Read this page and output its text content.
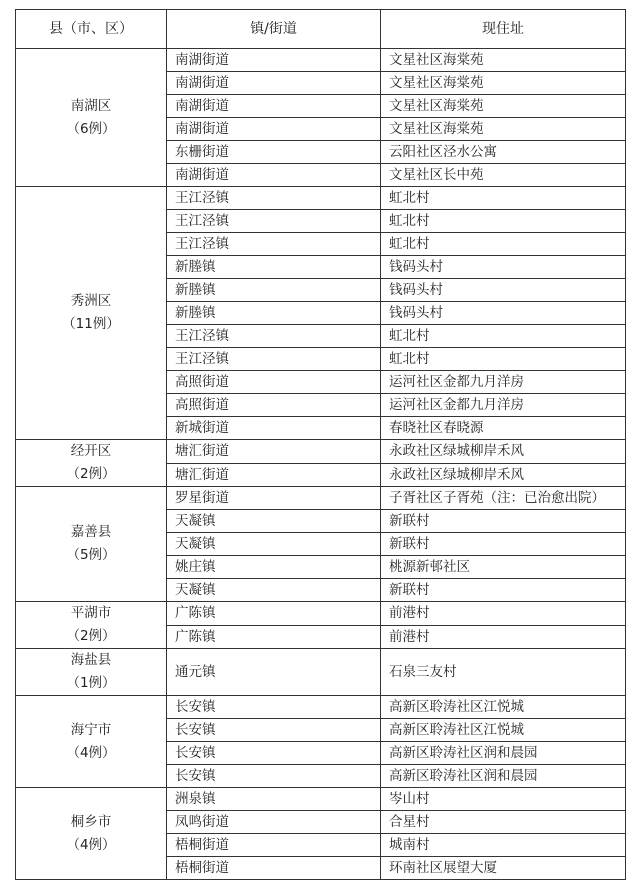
县（市、区）	镇/街道	现住址

南湖区
（6例）	南湖街道	文星社区海棠苑
	南湖街道	文星社区海棠苑
	南湖街道	文星社区海棠苑
	南湖街道	文星社区海棠苑
	东栅街道	云阳社区泾水公寓
	南湖街道	文星社区长中苑

秀洲区
（11例）	王江泾镇	虹北村
	王江泾镇	虹北村
	王江泾镇	虹北村
	新塍镇	钱码头村
	新塍镇	钱码头村
	新塍镇	钱码头村
	王江泾镇	虹北村
	王江泾镇	虹北村
	高照街道	运河社区金都九月洋房
	高照街道	运河社区金都九月洋房
	新城街道	春晓社区春晓源

经开区
（2例）	塘汇街道	永政社区绿城柳岸禾风
	塘汇街道	永政社区绿城柳岸禾风

嘉善县
（5例）	罗星街道	子胥社区子胥苑（注：已治愈出院）
	天凝镇	新联村
	天凝镇	新联村
	姚庄镇	桃源新邨社区
	天凝镇	新联村

平湖市
（2例）	广陈镇	前港村
	广陈镇	前港村

海盐县
（1例）	通元镇	石泉三友村

海宁市
（4例）	长安镇	高新区聆涛社区江悦城
	长安镇	高新区聆涛社区江悦城
	长安镇	高新区聆涛社区润和晨园
	长安镇	高新区聆涛社区润和晨园

桐乡市
（4例）	洲泉镇	岑山村
	凤鸣街道	合星村
	梧桐街道	城南村
	梧桐街道	环南社区展望大厦
